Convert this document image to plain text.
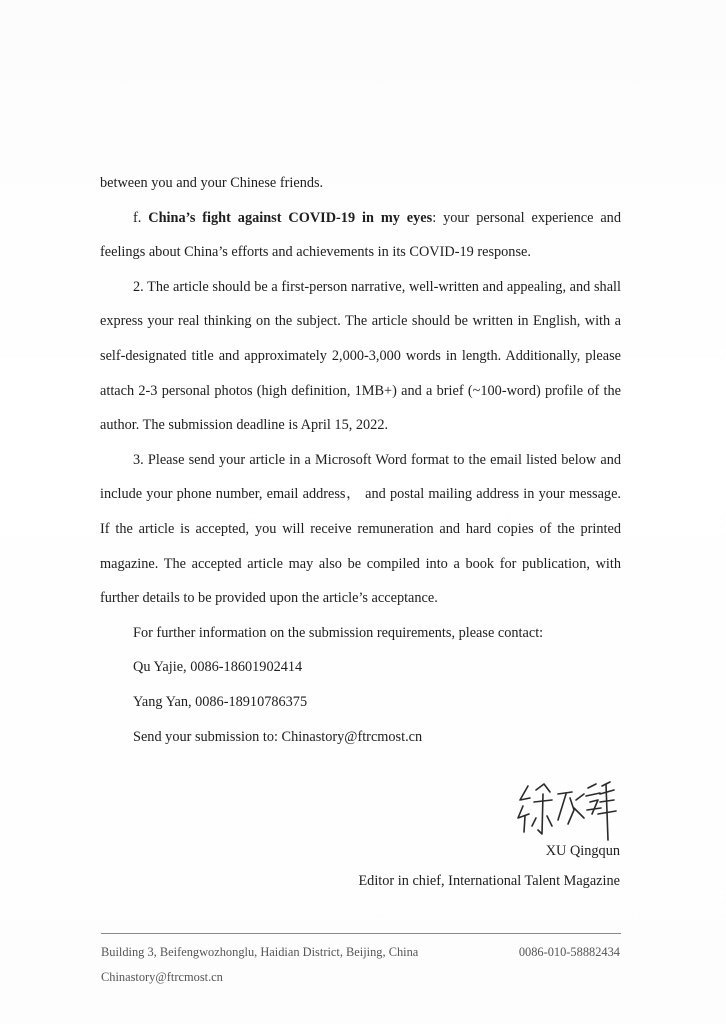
between you and your Chinese friends.

f. China’s fight against COVID-19 in my eyes: your personal experience and feelings about China’s efforts and achievements in its COVID-19 response.

2. The article should be a first-person narrative, well-written and appealing, and shall express your real thinking on the subject. The article should be written in English, with a self-designated title and approximately 2,000-3,000 words in length. Additionally, please attach 2-3 personal photos (high definition, 1MB+) and a brief (~100-word) profile of the author. The submission deadline is April 15, 2022.

3. Please send your article in a Microsoft Word format to the email listed below and include your phone number, email address， and postal mailing address in your message. If the article is accepted, you will receive remuneration and hard copies of the printed magazine. The accepted article may also be compiled into a book for publication, with further details to be provided upon the article’s acceptance.

For further information on the submission requirements, please contact:

Qu Yajie, 0086-18601902414

Yang Yan, 0086-18910786375

Send your submission to: Chinastory@ftrcmost.cn

XU Qingqun
Editor in chief, International Talent Magazine
Building 3, Beifengwozhonglu, Haidian District, Beijing, China	0086-010-58882434
Chinastory@ftrcmost.cn
